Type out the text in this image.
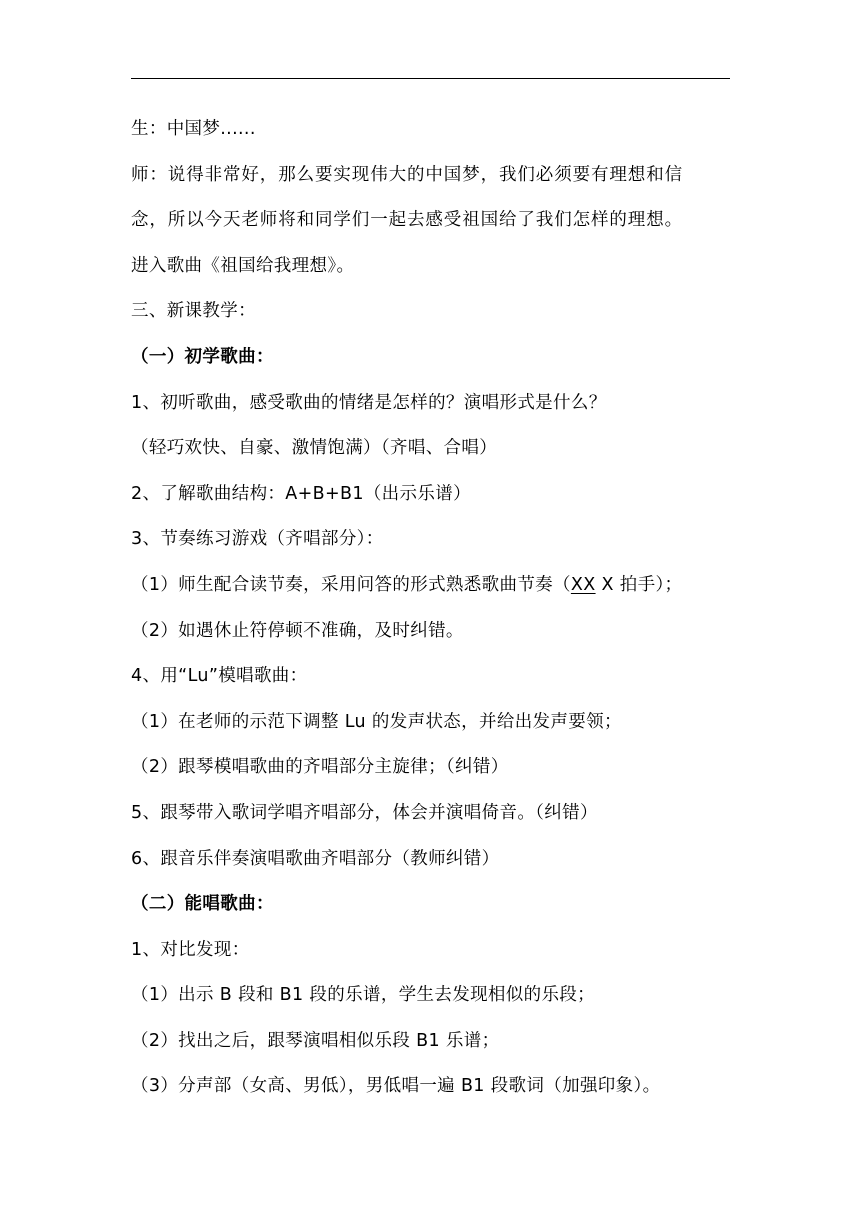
生：中国梦......
师：说得非常好，那么要实现伟大的中国梦，我们必须要有理想和信
念，所以今天老师将和同学们一起去感受祖国给了我们怎样的理想。
进入歌曲《祖国给我理想》。
三、新课教学：
（一）初学歌曲：
1、初听歌曲，感受歌曲的情绪是怎样的？演唱形式是什么？
（轻巧欢快、自豪、激情饱满）（齐唱、合唱）
2、了解歌曲结构：A+B+B1（出示乐谱）
3、节奏练习游戏（齐唱部分）：
（1）师生配合读节奏，采用问答的形式熟悉歌曲节奏（XX X 拍手）；
（2）如遇休止符停顿不准确，及时纠错。
4、用“Lu”模唱歌曲：
（1）在老师的示范下调整 Lu 的发声状态，并给出发声要领；
（2）跟琴模唱歌曲的齐唱部分主旋律；（纠错）
5、跟琴带入歌词学唱齐唱部分，体会并演唱倚音。（纠错）
6、跟音乐伴奏演唱歌曲齐唱部分（教师纠错）
（二）能唱歌曲：
1、对比发现：
（1）出示 B 段和 B1 段的乐谱，学生去发现相似的乐段；
（2）找出之后，跟琴演唱相似乐段 B1 乐谱；
（3）分声部（女高、男低），男低唱一遍 B1 段歌词（加强印象）。
